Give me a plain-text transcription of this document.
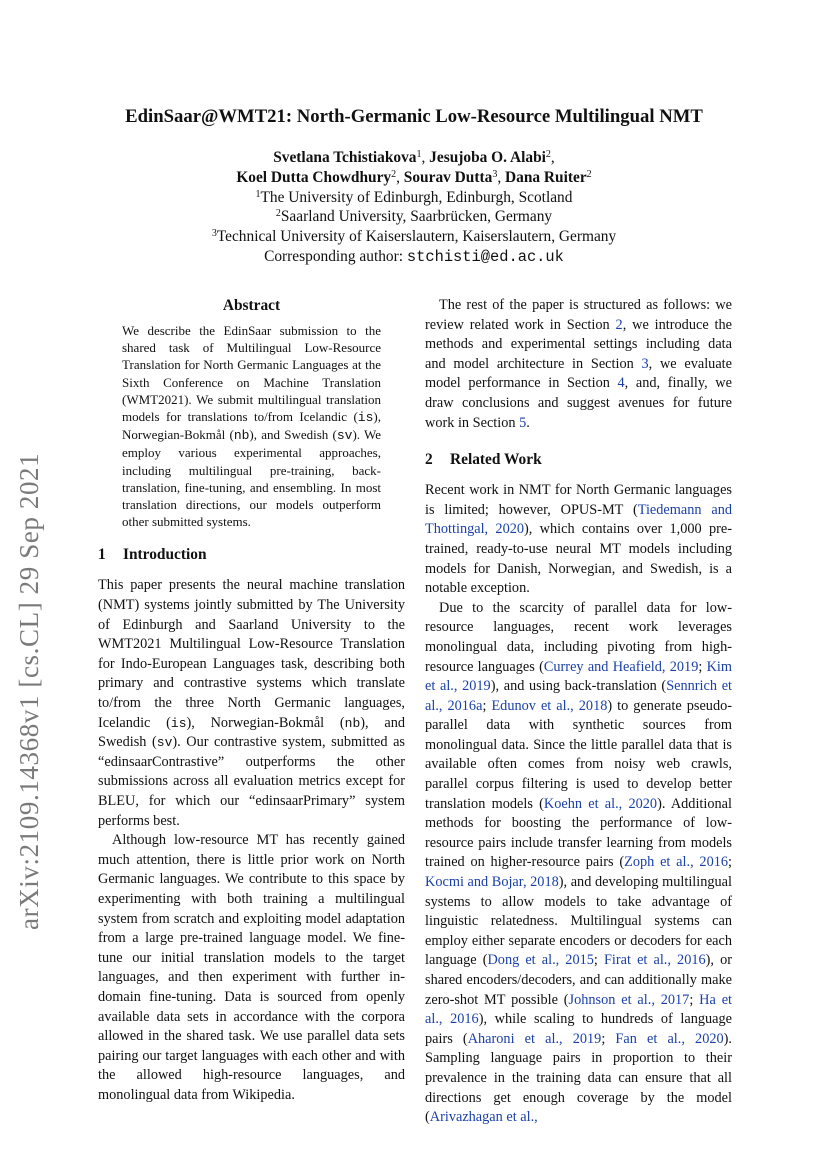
arXiv:2109.14368v1 [cs.CL] 29 Sep 2021
EdinSaar@WMT21: North-Germanic Low-Resource Multilingual NMT
Svetlana Tchistiakova$^1$, Jesujoba O. Alabi$^2$,
Koel Dutta Chowdhury$^2$, Sourav Dutta$^3$, Dana Ruiter$^2$
$^1$The University of Edinburgh, Edinburgh, Scotland
$^2$Saarland University, Saarbrücken, Germany
$^3$Technical University of Kaiserslautern, Kaiserslautern, Germany
Corresponding author: stchisti@ed.ac.uk
Abstract

We describe the EdinSaar submission to the shared task of Multilingual Low-Resource Translation for North Germanic Languages at the Sixth Conference on Machine Translation (WMT2021). We submit multilingual translation models for translations to/from Icelandic (is), Norwegian-Bokmål (nb), and Swedish (sv). We employ various experimental approaches, including multilingual pre-training, back-translation, fine-tuning, and ensembling. In most translation directions, our models outperform other submitted systems.

1 Introduction

This paper presents the neural machine translation (NMT) systems jointly submitted by The University of Edinburgh and Saarland University to the WMT2021 Multilingual Low-Resource Translation for Indo-European Languages task, describing both primary and contrastive systems which translate to/from the three North Germanic languages, Icelandic (is), Norwegian-Bokmål (nb), and Swedish (sv). Our contrastive system, submitted as “edinsaarContrastive” outperforms the other submissions across all evaluation metrics except for BLEU, for which our “edinsaarPrimary” system performs best.

Although low-resource MT has recently gained much attention, there is little prior work on North Germanic languages. We contribute to this space by experimenting with both training a multilingual system from scratch and exploiting model adaptation from a large pre-trained language model. We fine-tune our initial translation models to the target languages, and then experiment with further in-domain fine-tuning. Data is sourced from openly available data sets in accordance with the corpora allowed in the shared task. We use parallel data sets pairing our target languages with each other and with the allowed high-resource languages, and monolingual data from Wikipedia.

The rest of the paper is structured as follows: we review related work in Section 2, we introduce the methods and experimental settings including data and model architecture in Section 3, we evaluate model performance in Section 4, and, finally, we draw conclusions and suggest avenues for future work in Section 5.

2 Related Work

Recent work in NMT for North Germanic languages is limited; however, OPUS-MT (Tiedemann and Thottingal, 2020), which contains over 1,000 pre-trained, ready-to-use neural MT models including models for Danish, Norwegian, and Swedish, is a notable exception.

Due to the scarcity of parallel data for low-resource languages, recent work leverages monolingual data, including pivoting from high-resource languages (Currey and Heafield, 2019; Kim et al., 2019), and using back-translation (Sennrich et al., 2016a; Edunov et al., 2018) to generate pseudo-parallel data with synthetic sources from monolingual data. Since the little parallel data that is available often comes from noisy web crawls, parallel corpus filtering is used to develop better translation models (Koehn et al., 2020). Additional methods for boosting the performance of low-resource pairs include transfer learning from models trained on higher-resource pairs (Zoph et al., 2016; Kocmi and Bojar, 2018), and developing multilingual systems to allow models to take advantage of linguistic relatedness. Multilingual systems can employ either separate encoders or decoders for each language (Dong et al., 2015; Firat et al., 2016), or shared encoders/decoders, and can additionally make zero-shot MT possible (Johnson et al., 2017; Ha et al., 2016), while scaling to hundreds of language pairs (Aharoni et al., 2019; Fan et al., 2020). Sampling language pairs in proportion to their prevalence in the training data can ensure that all directions get enough coverage by the model (Arivazhagan et al.,
